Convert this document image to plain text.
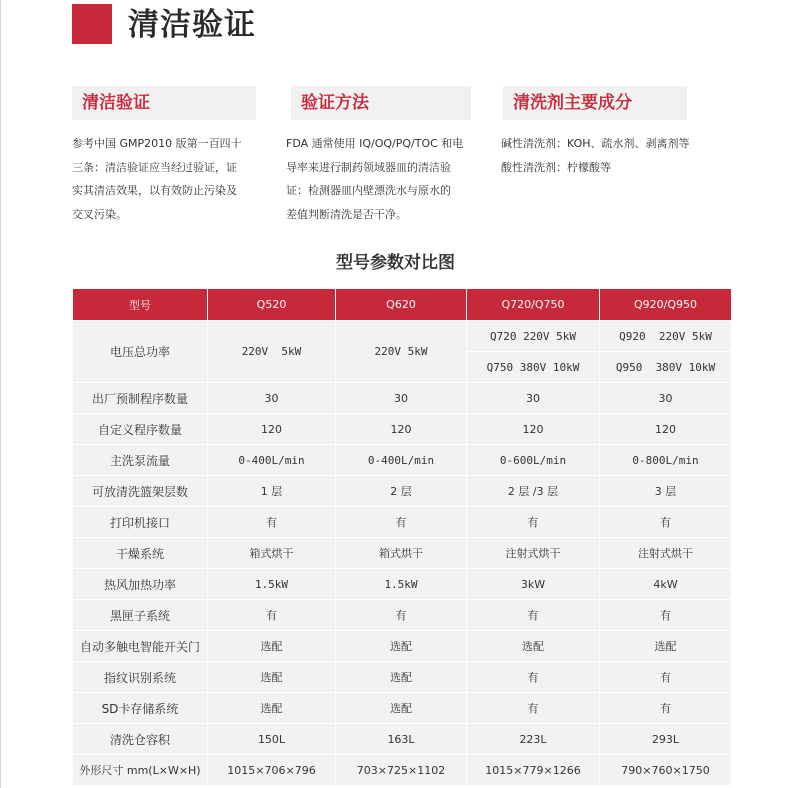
清洁验证
清洁验证
参考中国 GMP2010 版第一百四十
三条：清洁验证应当经过验证，证
实其清洁效果，以有效防止污染及
交叉污染。
验证方法
FDA 通常使用 IQ/OQ/PQ/TOC 和电
导率来进行制药领域器皿的清洁验
证：检测器皿内壁漂洗水与原水的
差值判断清洗是否干净。
清洗剂主要成分
碱性清洗剂：KOH、疏水剂、剥离剂等
酸性清洗剂：柠檬酸等
型号参数对比图
型号	Q520	Q620	Q720/Q750	Q920/Q950
电压总功率	220V  5kW	220V 5kW	Q720 220V 5kW	Q920  220V 5kW
			Q750 380V 10kW	Q950  380V 10kW
出厂预制程序数量	30	30	30	30
自定义程序数量	120	120	120	120
主洗泵流量	0-400L/min	0-400L/min	0-600L/min	0-800L/min
可放清洗篮架层数	1 层	2 层	2 层 /3 层	3 层
打印机接口	有	有	有	有
干燥系统	箱式烘干	箱式烘干	注射式烘干	注射式烘干
热风加热功率	1.5kW	1.5kW	3kW	4kW
黑匣子系统	有	有	有	有
自动多触电智能开关门	选配	选配	选配	选配
指纹识别系统	选配	选配	有	有
SD卡存储系统	选配	选配	有	有
清洗仓容积	150L	163L	223L	293L
外形尺寸 mm(L×W×H)	1015×706×796	703×725×1102	1015×779×1266	790×760×1750
